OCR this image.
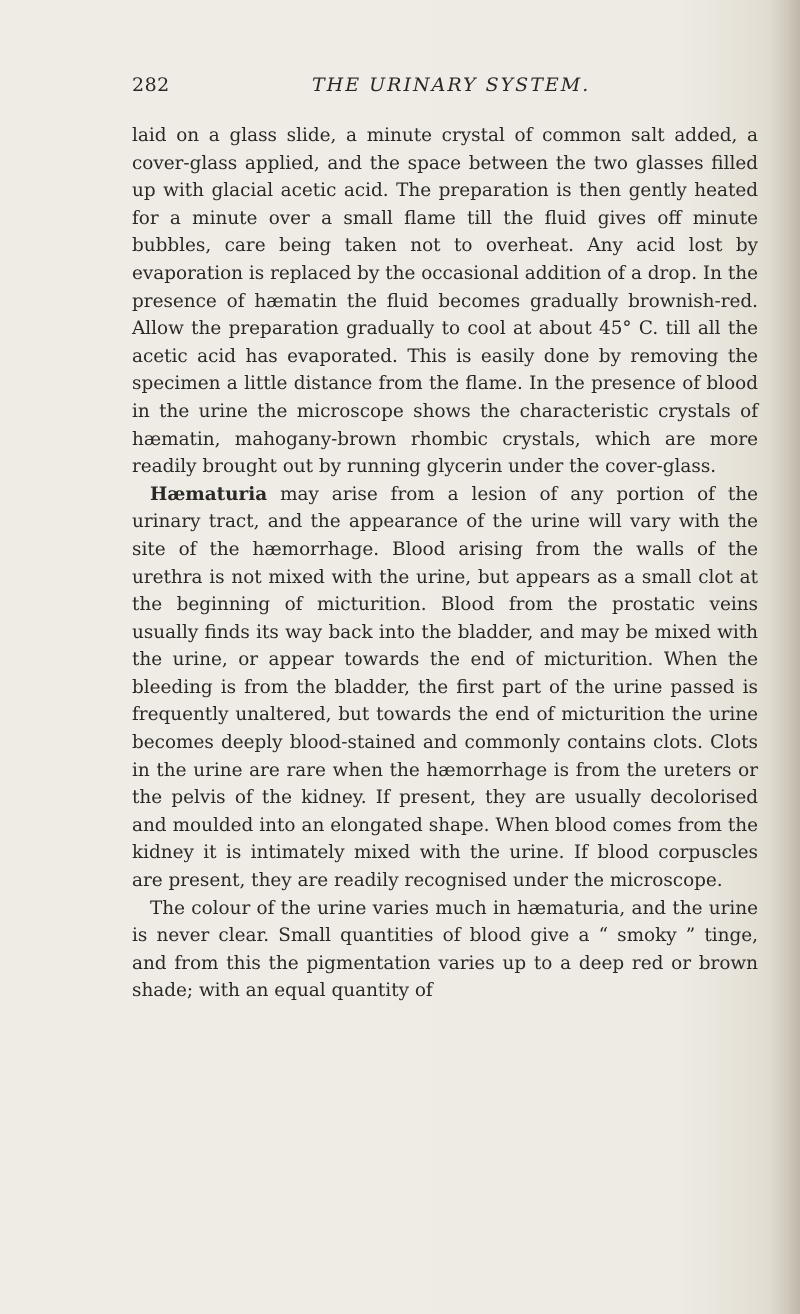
282	THE URINARY SYSTEM.

laid on a glass slide, a minute crystal of common salt added, a cover-glass applied, and the space between the two glasses filled up with glacial acetic acid. The preparation is then gently heated for a minute over a small flame till the fluid gives off minute bubbles, care being taken not to overheat. Any acid lost by evaporation is replaced by the occasional addition of a drop. In the presence of hæmatin the fluid becomes gradually brownish-red. Allow the preparation gradually to cool at about 45° C. till all the acetic acid has evaporated. This is easily done by removing the specimen a little distance from the flame. In the presence of blood in the urine the microscope shows the characteristic crystals of hæmatin, mahogany-brown rhombic crystals, which are more readily brought out by running glycerin under the cover-glass.

Hæmaturia may arise from a lesion of any portion of the urinary tract, and the appearance of the urine will vary with the site of the hæmorrhage. Blood arising from the walls of the urethra is not mixed with the urine, but appears as a small clot at the beginning of micturition. Blood from the prostatic veins usually finds its way back into the bladder, and may be mixed with the urine, or appear towards the end of micturition. When the bleeding is from the bladder, the first part of the urine passed is frequently unaltered, but towards the end of micturition the urine becomes deeply blood-stained and commonly contains clots. Clots in the urine are rare when the hæmorrhage is from the ureters or the pelvis of the kidney. If present, they are usually decolorised and moulded into an elongated shape. When blood comes from the kidney it is intimately mixed with the urine. If blood corpuscles are present, they are readily recognised under the microscope.

The colour of the urine varies much in hæmaturia, and the urine is never clear. Small quantities of blood give a “ smoky ” tinge, and from this the pigmentation varies up to a deep red or brown shade; with an equal quantity of
